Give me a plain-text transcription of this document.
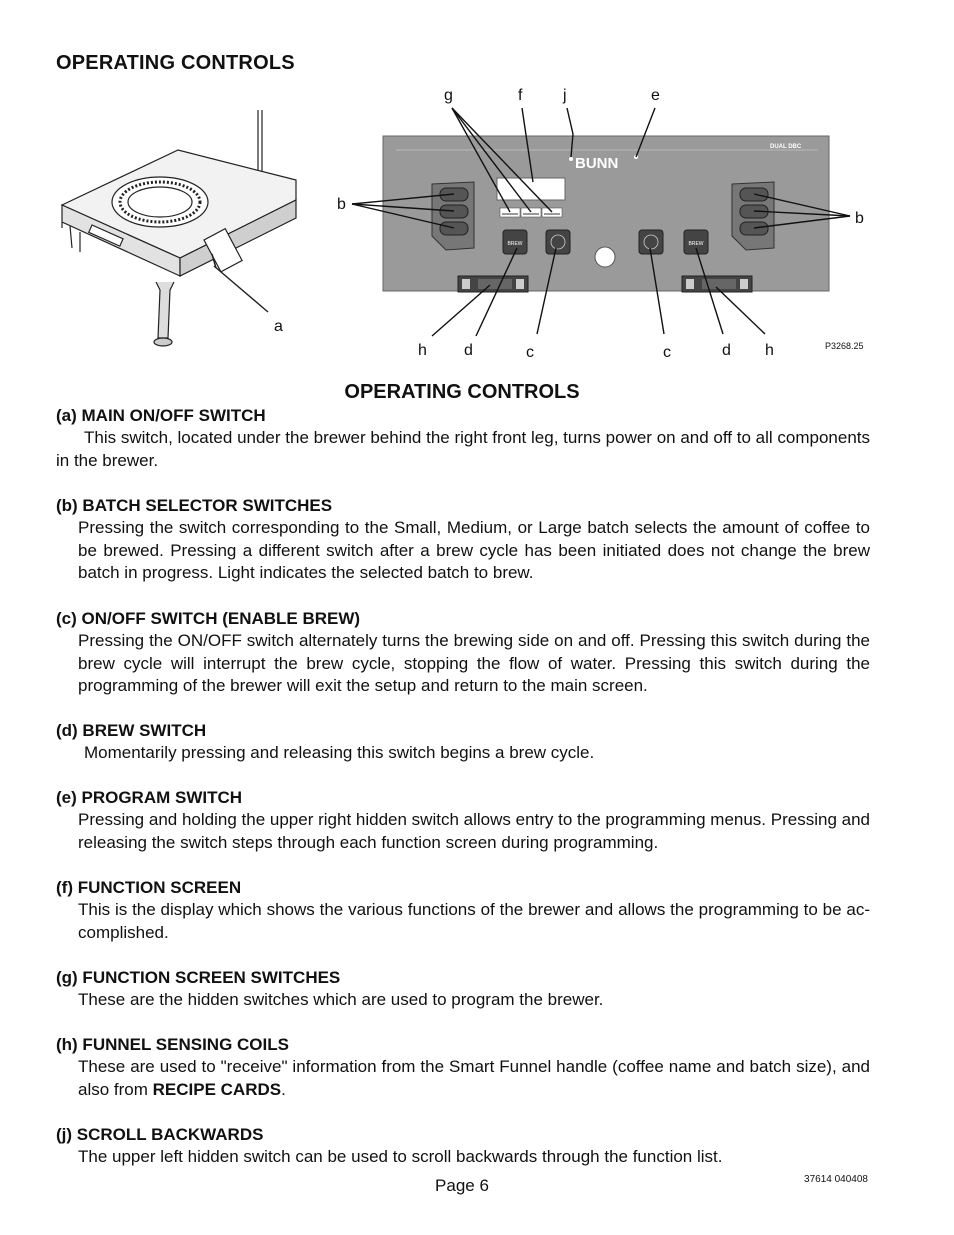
OPERATING CONTROLS
BUNN
DUAL DBC
BREW	BREW
a
b
b
g	f	j	e
h d	c	c	d h	P3268.25
OPERATING CONTROLS
(a) MAIN ON/OFF SWITCH
This switch, located under the brewer behind the right front leg, turns power on and off to all components in the brewer.
(b) BATCH SELECTOR SWITCHES
Pressing the switch corresponding to the Small, Medium, or Large batch selects the amount of coffee to be brewed. Pressing a different switch after a brew cycle has been initiated does not change the brew batch in progress. Light indicates the selected batch to brew.
(c) ON/OFF SWITCH (ENABLE BREW)
Pressing the ON/OFF switch alternately turns the brewing side on and off. Pressing this switch during the brew cycle will interrupt the brew cycle, stopping the flow of water. Pressing this switch during the programming of the brewer will exit the setup and return to the main screen.
(d) BREW SWITCH
Momentarily pressing and releasing this switch begins a brew cycle.
(e) PROGRAM SWITCH
Pressing and holding the upper right hidden switch allows entry to the programming menus. Pressing and releasing the switch steps through each function screen during programming.
(f) FUNCTION SCREEN
This is the display which shows the various functions of the brewer and allows the programming to be ac-complished.
(g) FUNCTION SCREEN SWITCHES
These are the hidden switches which are used to program the brewer.
(h) FUNNEL SENSING COILS
These are used to "receive" information from the Smart Funnel handle (coffee name and batch size), and also from RECIPE CARDS.
(j) SCROLL BACKWARDS
The upper left hidden switch can be used to scroll backwards through the function list.
Page 6	37614 040408
